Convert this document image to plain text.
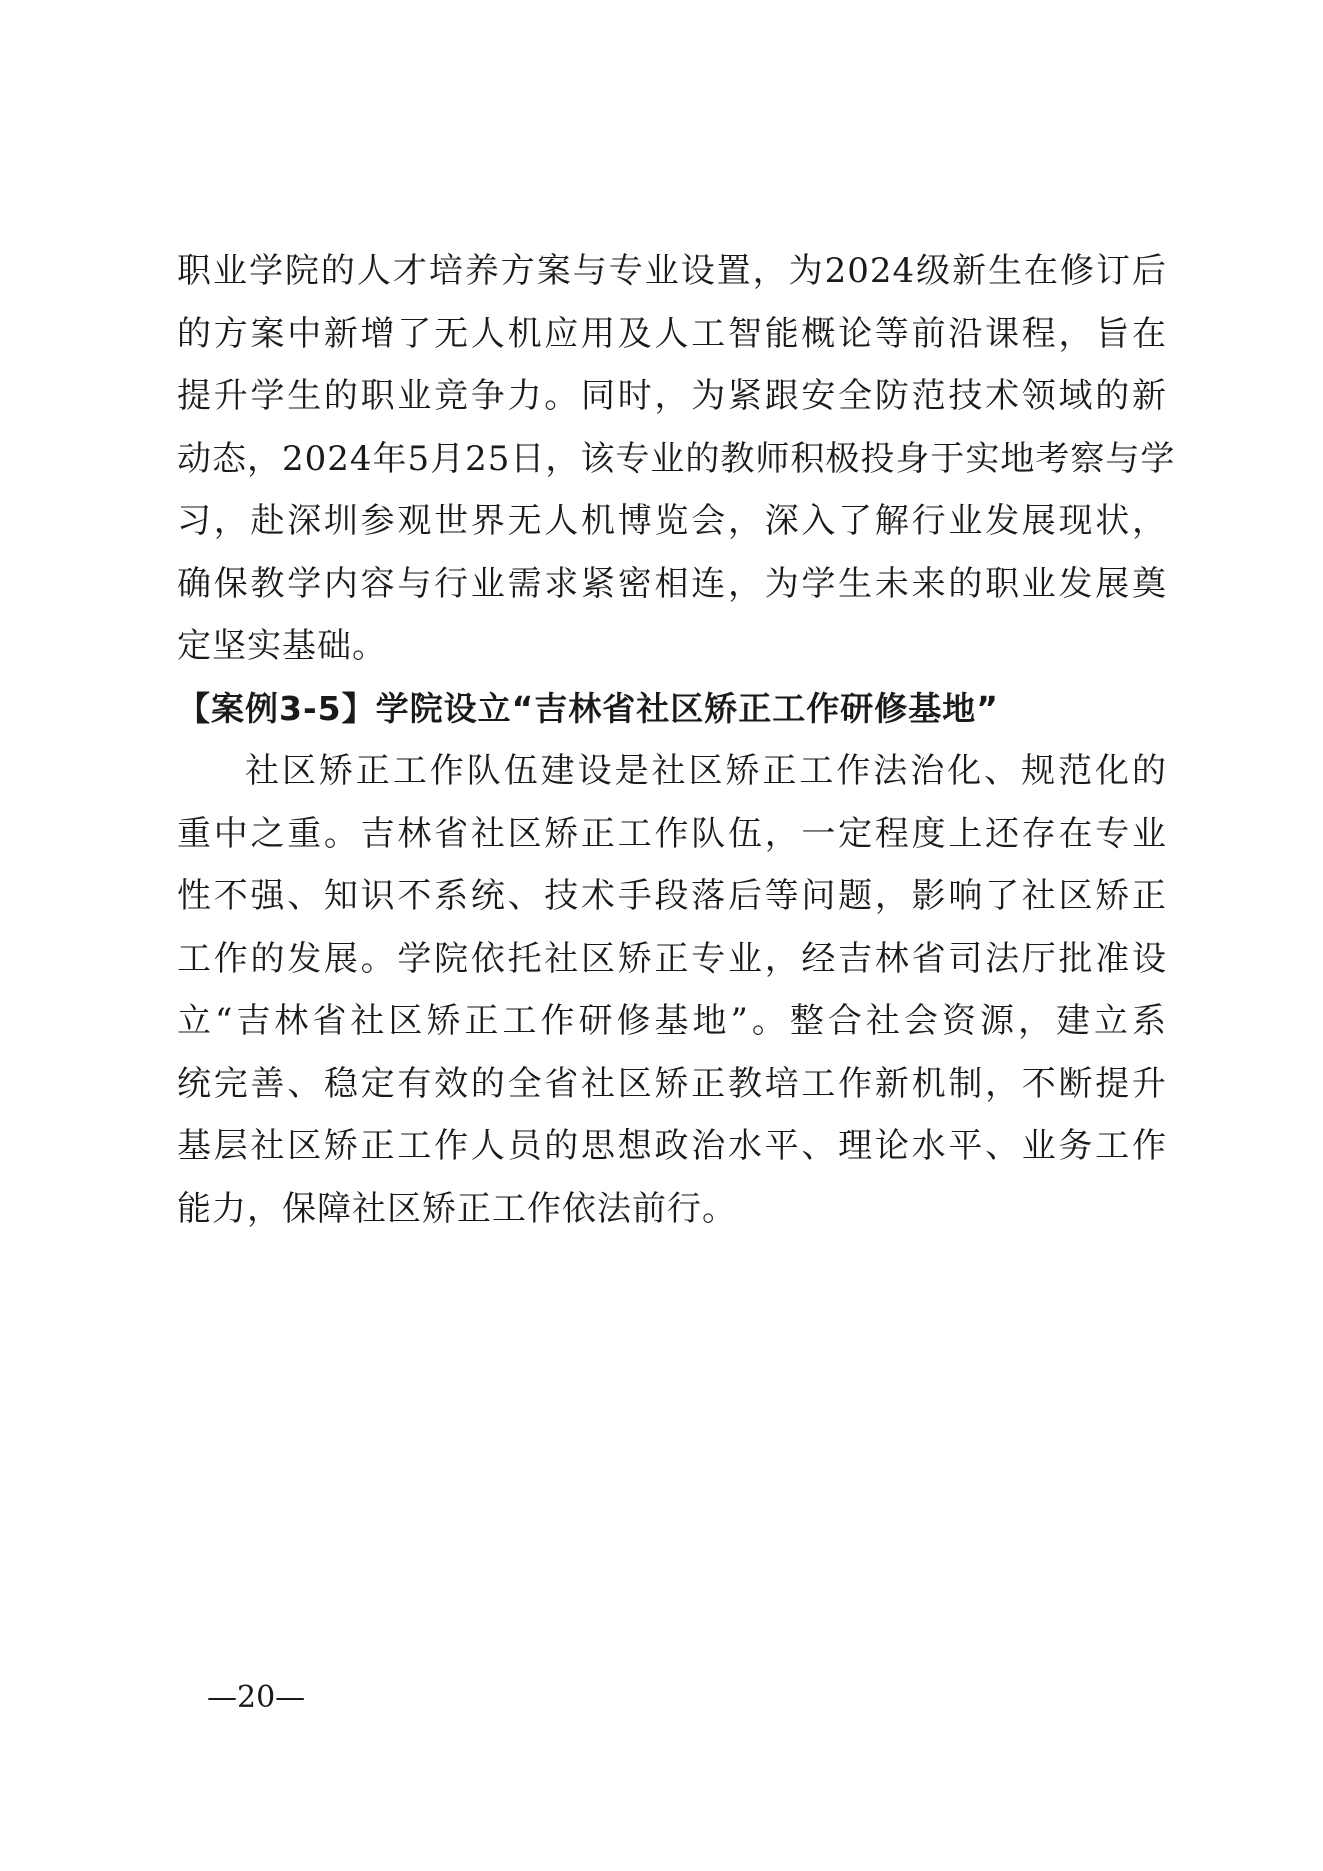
职业学院的人才培养方案与专业设置，为2024级新生在修订后
的方案中新增了无人机应用及人工智能概论等前沿课程，旨在
提升学生的职业竞争力。同时，为紧跟安全防范技术领域的新
动态，2024年5月25日，该专业的教师积极投身于实地考察与学
习，赴深圳参观世界无人机博览会，深入了解行业发展现状，
确保教学内容与行业需求紧密相连，为学生未来的职业发展奠
定坚实基础。
【案例3-5】学院设立“吉林省社区矫正工作研修基地”
社区矫正工作队伍建设是社区矫正工作法治化、规范化的
重中之重。吉林省社区矫正工作队伍，一定程度上还存在专业
性不强、知识不系统、技术手段落后等问题，影响了社区矫正
工作的发展。学院依托社区矫正专业，经吉林省司法厅批准设
立“吉林省社区矫正工作研修基地”。整合社会资源，建立系
统完善、稳定有效的全省社区矫正教培工作新机制，不断提升
基层社区矫正工作人员的思想政治水平、理论水平、业务工作
能力，保障社区矫正工作依法前行。
—20—
